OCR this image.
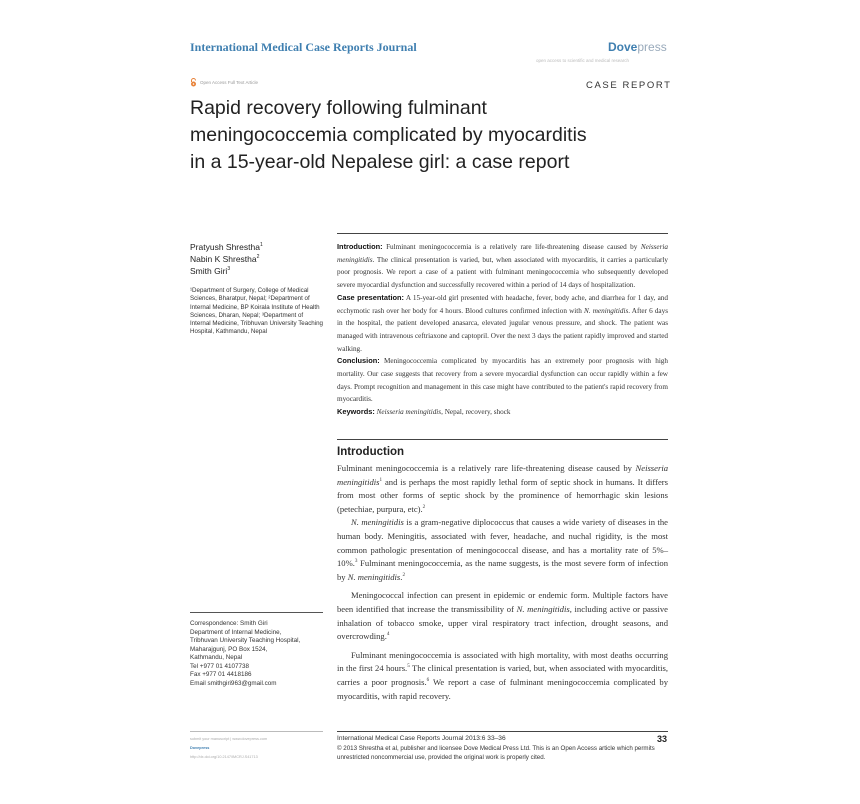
International Medical Case Reports Journal	Dovepress
open access to scientific and medical research
Open Access Full Text Article	CASE REPORT
Rapid recovery following fulminant
meningococcemia complicated by myocarditis
in a 15-year-old Nepalese girl: a case report
Pratyush Shrestha$^1$
Nabin K Shrestha$^2$
Smith Giri$^3$
¹Department of Surgery, College of Medical Sciences, Bharatpur, Nepal; ²Department of Internal Medicine, BP Koirala Institute of Health Sciences, Dharan, Nepal; ³Department of Internal Medicine, Tribhuvan University Teaching Hospital, Kathmandu, Nepal
Correspondence: Smith Giri
Department of Internal Medicine,
Tribhuvan University Teaching Hospital,
Maharajgunj, PO Box 1524,
Kathmandu, Nepal
Tel +977 01 4107738
Fax +977 01 4418186
Email smithgiri963@gmail.com
submit your manuscript | www.dovepress.com
Dovepress
http://dx.doi.org/10.2147/IMCRJ.S41713

Introduction: Fulminant meningococcemia is a relatively rare life-threatening disease caused by Neisseria meningitidis. The clinical presentation is varied, but, when associated with myocarditis, it carries a particularly poor prognosis. We report a case of a patient with fulminant meningococcemia who subsequently developed severe myocardial dysfunction and successfully recovered within a period of 14 days of hospitalization.

Case presentation: A 15-year-old girl presented with headache, fever, body ache, and diarrhea for 1 day, and ecchymotic rash over her body for 4 hours. Blood cultures confirmed infection with N. meningitidis. After 6 days in the hospital, the patient developed anasarca, elevated jugular venous pressure, and shock. The patient was managed with intravenous ceftriaxone and captopril. Over the next 3 days the patient rapidly improved and started walking.

Conclusion: Meningococcemia complicated by myocarditis has an extremely poor prognosis with high mortality. Our case suggests that recovery from a severe myocardial dysfunction can occur rapidly within a few days. Prompt recognition and management in this case might have contributed to the patient's rapid recovery from myocarditis.

Keywords: Neisseria meningitidis, Nepal, recovery, shock

Introduction

Fulminant meningococcemia is a relatively rare life-threatening disease caused by Neisseria meningitidis$^1$ and is perhaps the most rapidly lethal form of septic shock in humans. It differs from most other forms of septic shock by the prominence of hemorrhagic skin lesions (petechiae, purpura, etc).$^2$

N. meningitidis is a gram-negative diplococcus that causes a wide variety of diseases in the human body. Meningitis, associated with fever, headache, and nuchal rigidity, is the most common pathologic presentation of meningococcal disease, and has a mortality rate of 5%–10%.$^3$ Fulminant meningococcemia, as the name suggests, is the most severe form of infection by N. meningitidis.$^2$

Meningococcal infection can present in epidemic or endemic form. Multiple factors have been identified that increase the transmissibility of N. meningitidis, including active or passive inhalation of tobacco smoke, upper viral respiratory tract infection, drought seasons, and overcrowding.$^4$

Fulminant meningococcemia is associated with high mortality, with most deaths occurring in the first 24 hours.$^5$ The clinical presentation is varied, but, when associated with myocarditis, carries a poor prognosis.$^6$ We report a case of fulminant meningococcemia complicated by myocarditis, with rapid recovery.

International Medical Case Reports Journal 2013:6 33–36	33
© 2013 Shrestha et al, publisher and licensee Dove Medical Press Ltd. This is an Open Access article which permits unrestricted noncommercial use, provided the original work is properly cited.
